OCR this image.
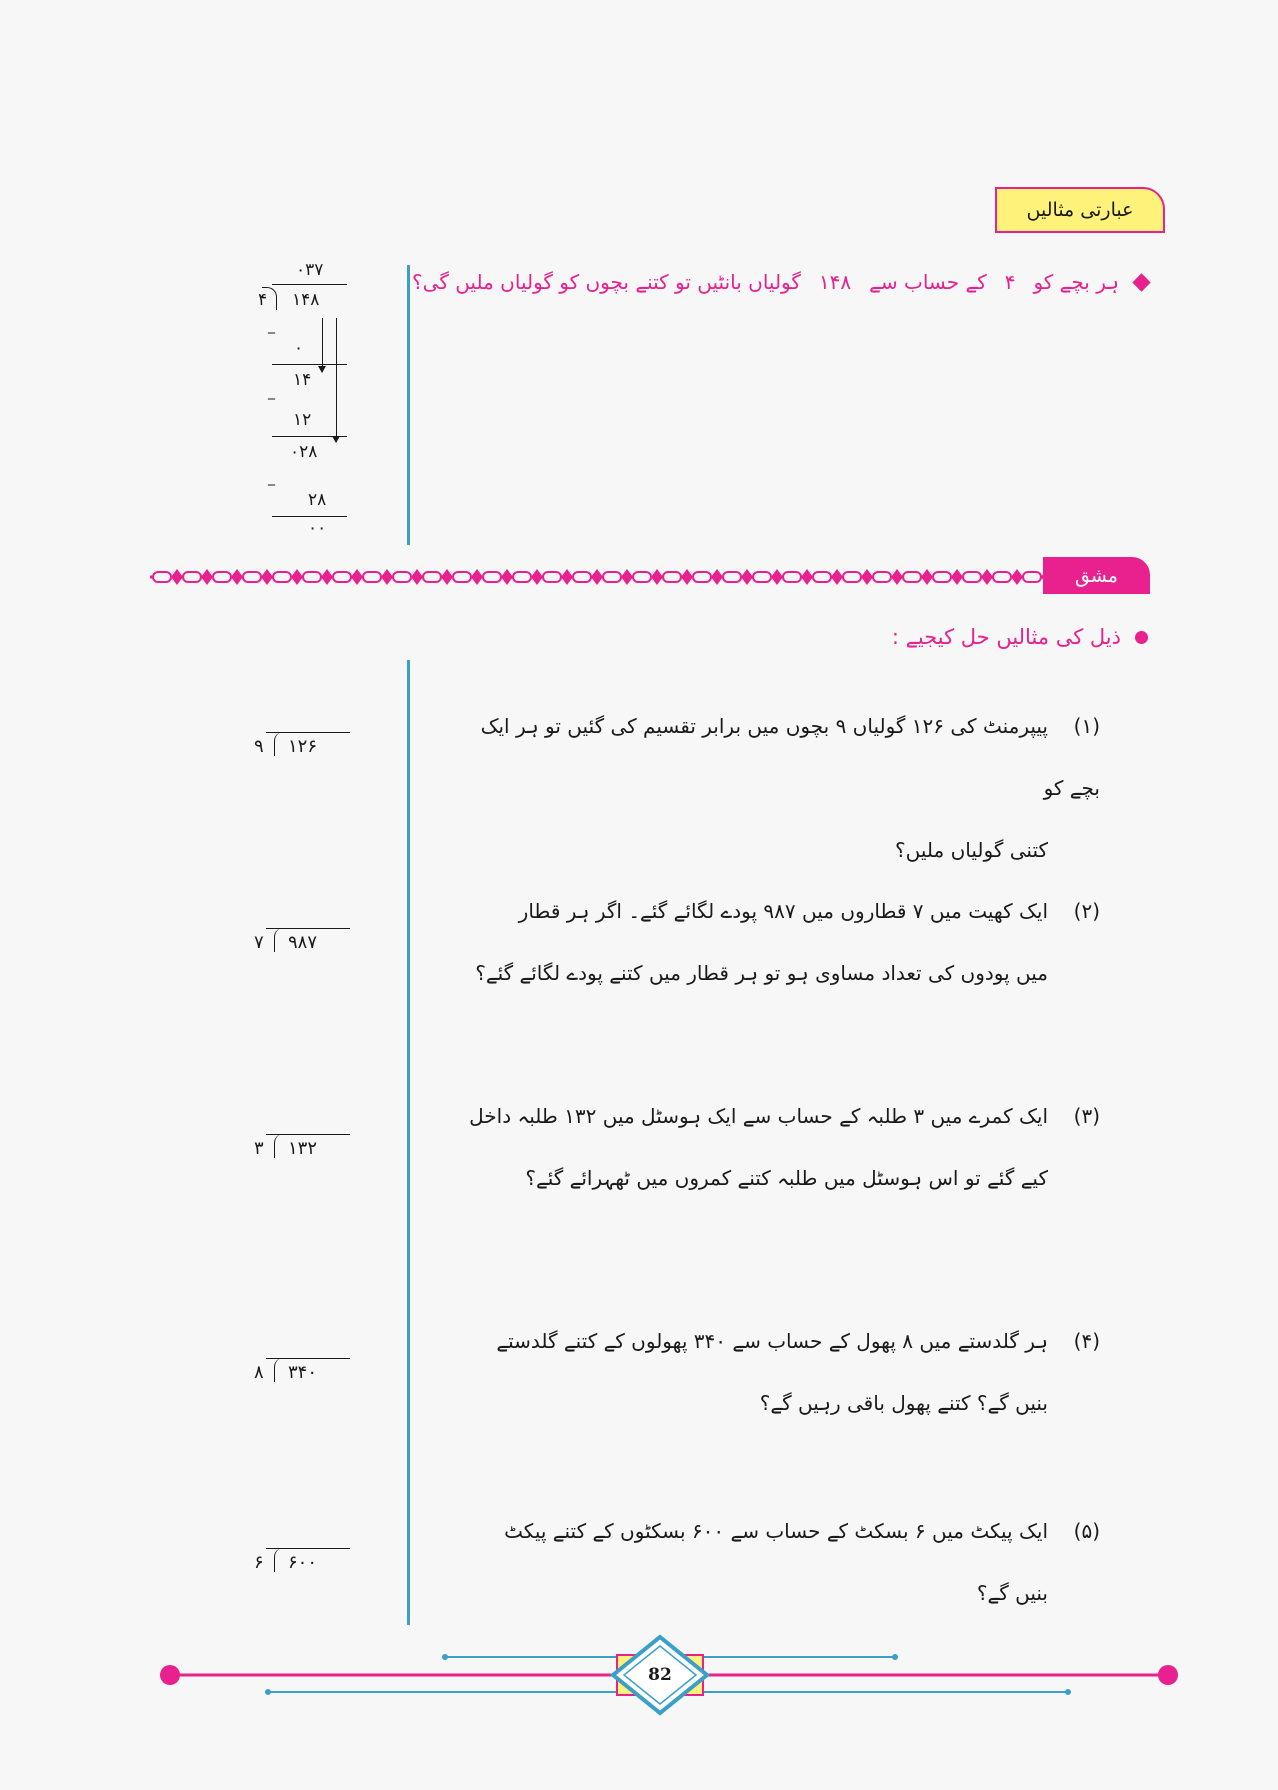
عبارتی مثالیں
ہر بچے کو
۴
کے حساب سے
۱۴۸
گولیاں بانٹیں تو کتنے بچوں کو گولیاں ملیں گی؟
۰۳۷
۴ ۱۴۸
_
۰
_
۱۴
۱۲
۰۲۸
_
۲۸
۰۰
مشق
ذیل کی مثالیں حل کیجیے :
(۱)پیپرمنٹ کی ۱۲۶ گولیاں ۹ بچوں میں برابر تقسیم کی گئیں تو ہر ایک بچے کو
کتنی گولیاں ملیں؟
۹ ۱۲۶
(۲)ایک کھیت میں ۷ قطاروں میں ۹۸۷ پودے لگائے گئے۔ اگر ہر قطار
میں پودوں کی تعداد مساوی ہو تو ہر قطار میں کتنے پودے لگائے گئے؟
۷ ۹۸۷
(۳)ایک کمرے میں ۳ طلبہ کے حساب سے ایک ہوسٹل میں ۱۳۲ طلبہ داخل
کیے گئے تو اس ہوسٹل میں طلبہ کتنے کمروں میں ٹھہرائے گئے؟
۳ ۱۳۲
(۴)ہر گلدستے میں ۸ پھول کے حساب سے ۳۴۰ پھولوں کے کتنے گلدستے
بنیں گے؟ کتنے پھول باقی رہیں گے؟
۸ ۳۴۰
(۵)ایک پیکٹ میں ۶ بسکٹ کے حساب سے ۶۰۰ بسکٹوں کے کتنے پیکٹ
بنیں گے؟
۶ ۶۰۰
82
